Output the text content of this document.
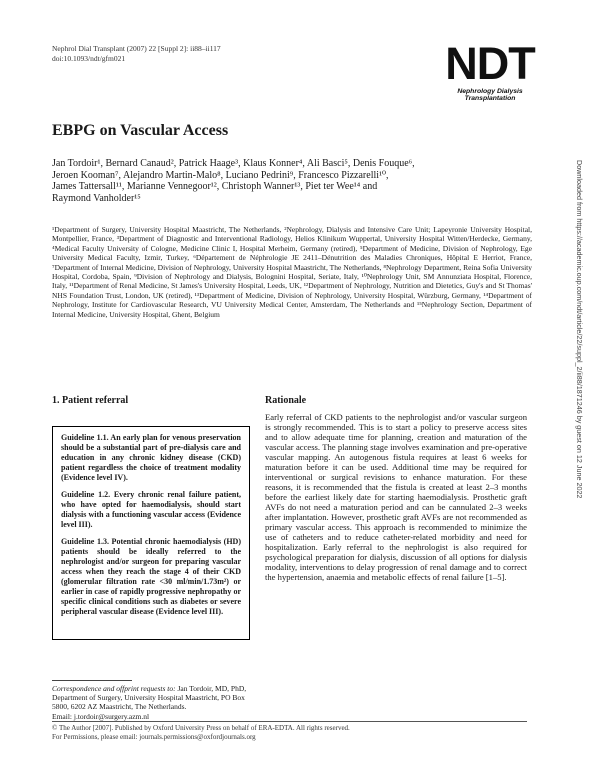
Nephrol Dial Transplant (2007) 22 [Suppl 2]: ii88–ii117
doi:10.1093/ndt/gfm021	NDT
Nephrology Dialysis Transplantation
EBPG on Vascular Access
Jan Tordoir¹, Bernard Canaud², Patrick Haage³, Klaus Konner⁴, Ali Basci⁵, Denis Fouque⁶,
Jeroen Kooman⁷, Alejandro Martin-Malo⁸, Luciano Pedrini⁹, Francesco Pizzarelli¹⁰,
James Tattersall¹¹, Marianne Vennegoor¹², Christoph Wanner¹³, Piet ter Wee¹⁴ and
Raymond Vanholder¹⁵
¹Department of Surgery, University Hospital Maastricht, The Netherlands, ²Nephrology, Dialysis and Intensive Care Unit; Lapeyronie University Hospital, Montpellier, France, ³Department of Diagnostic and Interventional Radiology, Helios Klinikum Wuppertal, University Hospital Witten/Herdecke, Germany, ⁴Medical Faculty University of Cologne, Medicine Clinic I, Hospital Merheim, Germany (retired), ⁵Department of Medicine, Division of Nephrology, Ege University Medical Faculty, Izmir, Turkey, ⁶Département de Néphrologie JE 2411–Dénutrition des Maladies Chroniques, Hôpital E Herriot, France, ⁷Department of Internal Medicine, Division of Nephrology, University Hospital Maastricht, The Netherlands, ⁸Nephrology Department, Reina Sofia University Hospital, Cordoba, Spain, ⁹Division of Nephrology and Dialysis, Bolognini Hospital, Seriate, Italy, ¹⁰Nephrology Unit, SM Annunziata Hospital, Florence, Italy, ¹¹Department of Renal Medicine, St James's University Hospital, Leeds, UK, ¹²Department of Nephrology, Nutrition and Dietetics, Guy's and St Thomas' NHS Foundation Trust, London, UK (retired), ¹³Department of Medicine, Division of Nephrology, University Hospital, Würzburg, Germany, ¹⁴Department of Nephrology, Institute for Cardiovascular Research, VU University Medical Center, Amsterdam, The Netherlands and ¹⁵Nephrology Section, Department of Internal Medicine, University Hospital, Ghent, Belgium	Downloaded from https://academic.oup.com/ndt/article/22/suppl_2/ii88/1871246 by guest on 12 June 2022
1. Patient referral	Rationale

Guideline 1.1. An early plan for venous preservation should be a substantial part of pre-dialysis care and education in any chronic kidney disease (CKD) patient regardless the choice of treatment modality (Evidence level IV).

Guideline 1.2. Every chronic renal failure patient, who have opted for haemodialysis, should start dialysis with a functioning vascular access (Evidence level III).

Guideline 1.3. Potential chronic haemodialysis (HD) patients should be ideally referred to the nephrologist and/or surgeon for preparing vascular access when they reach the stage 4 of their CKD (glomerular filtration rate <30 ml/min/1.73m²) or earlier in case of rapidly progressive nephropathy or specific clinical conditions such as diabetes or severe peripheral vascular disease (Evidence level III).

Early referral of CKD patients to the nephrologist and/or vascular surgeon is strongly recommended. This is to start a policy to preserve access sites and to allow adequate time for planning, creation and maturation of the vascular access. The planning stage involves examination and pre-operative vascular mapping. An autogenous fistula requires at least 6 weeks for maturation before it can be used. Additional time may be required for interventional or surgical revisions to enhance maturation. For these reasons, it is recommended that the fistula is created at least 2–3 months before the earliest likely date for starting haemodialysis. Prosthetic graft AVFs do not need a maturation period and can be cannulated 2–3 weeks after implantation. However, prosthetic graft AVFs are not recommended as primary vascular access. This approach is recommended to minimize the use of catheters and to reduce catheter-related morbidity and need for hospitalization. Early referral to the nephrologist is also required for psychological preparation for dialysis, discussion of all options for dialysis modality, interventions to delay progression of renal damage and to correct the hypertension, anaemia and metabolic effects of renal failure [1–5].
Correspondence and offprint requests to: Jan Tordoir, MD, PhD, Department of Surgery, University Hospital Maastricht, PO Box 5800, 6202 AZ Maastricht, The Netherlands.
Email: j.tordoir@surgery.azm.nl
© The Author [2007]. Published by Oxford University Press on behalf of ERA-EDTA. All rights reserved.
For Permissions, please email: journals.permissions@oxfordjournals.org
